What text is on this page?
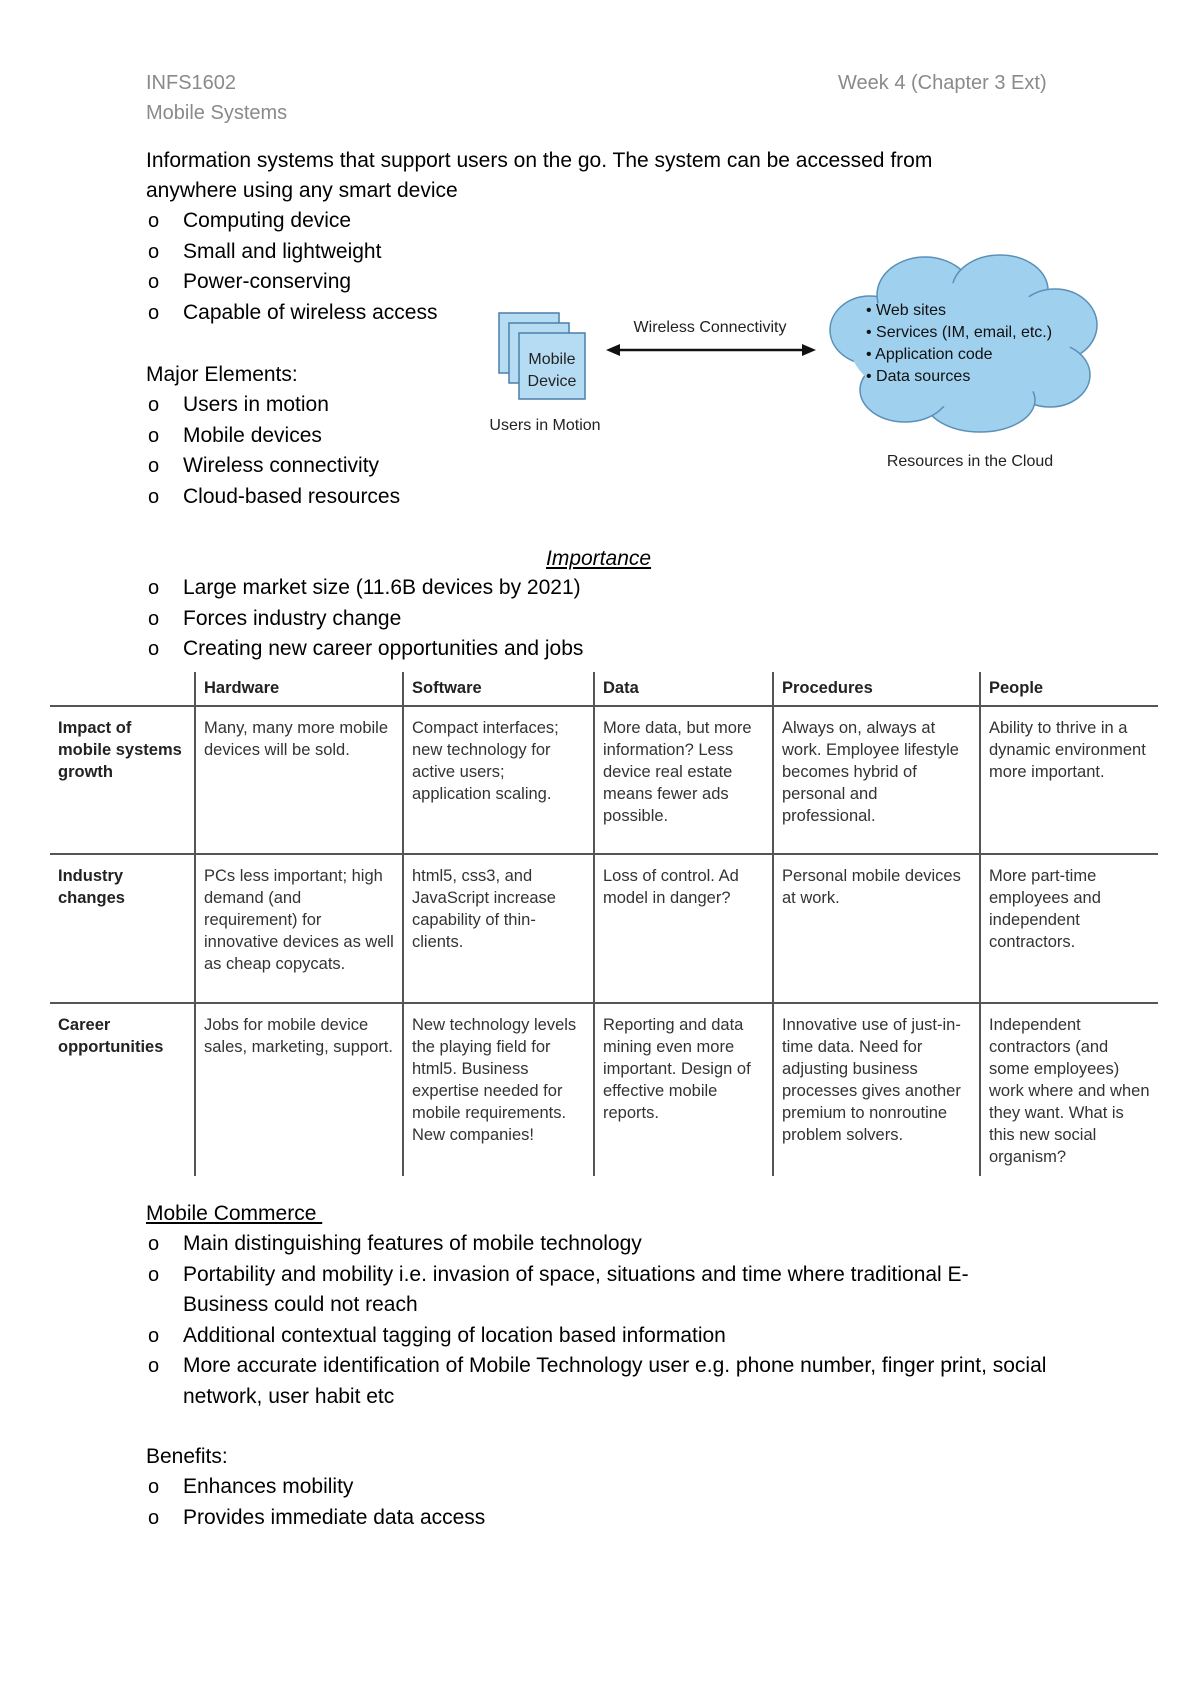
INFS1602	Week 4 (Chapter 3 Ext)
Mobile Systems
Information systems that support users on the go. The system can be accessed from
anywhere using any smart device
o Computing device
o Small and lightweight
o Power-conserving
o Capable of wireless access
Major Elements:
o Users in motion
o Mobile devices
o Wireless connectivity
o Cloud-based resources
Mobile
Device
Users in Motion
Wireless Connectivity
• Web sites
• Services (IM, email, etc.)
• Application code
• Data sources
Resources in the Cloud
Importance
o Large market size (11.6B devices by 2021)
o Forces industry change
o Creating new career opportunities and jobs
	Hardware	Software	Data	Procedures	People
Impact of mobile systems growth	Many, many more mobile devices will be sold.	Compact interfaces; new technology for active users; application scaling.	More data, but more information? Less device real estate means fewer ads possible.	Always on, always at work. Employee lifestyle becomes hybrid of personal and professional.	Ability to thrive in a dynamic environment more important.
Industry changes	PCs less important; high demand (and requirement) for innovative devices as well as cheap copycats.	html5, css3, and JavaScript increase capability of thin-clients.	Loss of control. Ad model in danger?	Personal mobile devices at work.	More part-time employees and independent contractors.
Career opportunities	Jobs for mobile device sales, marketing, support.	New technology levels the playing field for html5. Business expertise needed for mobile requirements. New companies!	Reporting and data mining even more important. Design of effective mobile reports.	Innovative use of just-in-time data. Need for adjusting business processes gives another premium to nonroutine problem solvers.	Independent contractors (and some employees) work where and when they want. What is this new social organism?
Mobile Commerce
o Main distinguishing features of mobile technology
o Portability and mobility i.e. invasion of space, situations and time where traditional E-Business could not reach
o Additional contextual tagging of location based information
o More accurate identification of Mobile Technology user e.g. phone number, finger print, social network, user habit etc
Benefits:
o Enhances mobility
o Provides immediate data access
